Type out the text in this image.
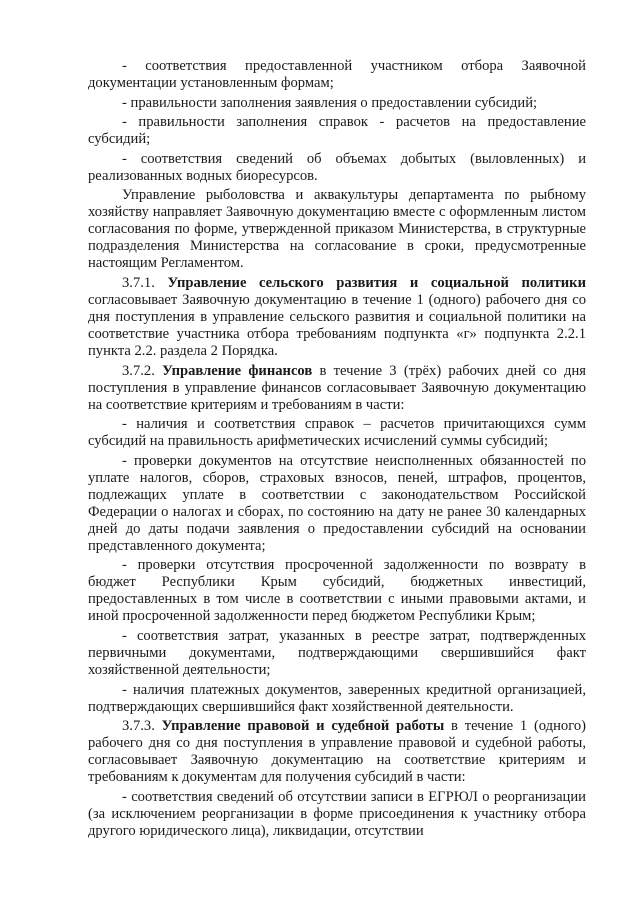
- соответствия предоставленной участником отбора Заявочной документации установленным формам;

- правильности заполнения заявления о предоставлении субсидий;

- правильности заполнения справок - расчетов на предоставление субсидий;

- соответствия сведений об объемах добытых (выловленных) и реализованных водных биоресурсов.

Управление рыболовства и аквакультуры департамента по рыбному хозяйству направляет Заявочную документацию вместе с оформленным листом согласования по форме, утвержденной приказом Министерства, в структурные подразделения Министерства на согласование в сроки, предусмотренные настоящим Регламентом.

3.7.1. Управление сельского развития и социальной политики согласовывает Заявочную документацию в течение 1 (одного) рабочего дня со дня поступления в управление сельского развития и социальной политики на соответствие участника отбора требованиям подпункта «г» подпункта 2.2.1 пункта 2.2. раздела 2 Порядка.

3.7.2. Управление финансов в течение 3 (трёх) рабочих дней со дня поступления в управление финансов согласовывает Заявочную документацию на соответствие критериям и требованиям в части:

- наличия и соответствия справок – расчетов причитающихся сумм субсидий на правильность арифметических исчислений суммы субсидий;

- проверки документов на отсутствие неисполненных обязанностей по уплате налогов, сборов, страховых взносов, пеней, штрафов, процентов, подлежащих уплате в соответствии с законодательством Российской Федерации о налогах и сборах, по состоянию на дату не ранее 30 календарных дней до даты подачи заявления о предоставлении субсидий на основании представленного документа;

- проверки отсутствия просроченной задолженности по возврату в бюджет Республики Крым субсидий, бюджетных инвестиций, предоставленных в том числе в соответствии с иными правовыми актами, и иной просроченной задолженности перед бюджетом Республики Крым;

- соответствия затрат, указанных в реестре затрат, подтвержденных первичными документами, подтверждающими свершившийся факт хозяйственной деятельности;

- наличия платежных документов, заверенных кредитной организацией, подтверждающих свершившийся факт хозяйственной деятельности.

3.7.3. Управление правовой и судебной работы в течение 1 (одного) рабочего дня со дня поступления в управление правовой и судебной работы, согласовывает Заявочную документацию на соответствие критериям и требованиям к документам для получения субсидий в части:

- соответствия сведений об отсутствии записи в ЕГРЮЛ о реорганизации (за исключением реорганизации в форме присоединения к участнику отбора другого юридического лица), ликвидации, отсутствии
